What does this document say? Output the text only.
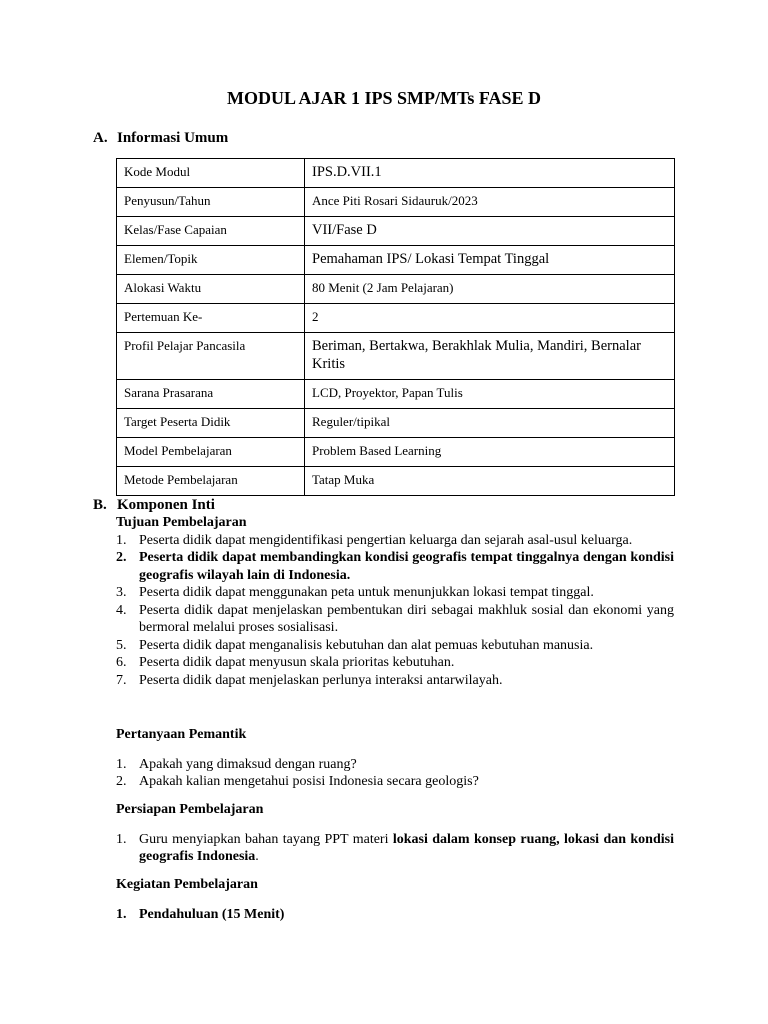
MODUL AJAR 1 IPS SMP/MTs FASE D
A. Informasi Umum
Kode Modul	IPS.D.VII.1
Penyusun/Tahun	Ance Piti Rosari Sidauruk/2023
Kelas/Fase Capaian	VII/Fase D
Elemen/Topik	Pemahaman IPS/ Lokasi Tempat Tinggal
Alokasi Waktu	80 Menit (2 Jam Pelajaran)
Pertemuan Ke-	2
Profil Pelajar Pancasila	Beriman, Bertakwa, Berakhlak Mulia, Mandiri, Bernalar Kritis
Sarana Prasarana	LCD, Proyektor, Papan Tulis
Target Peserta Didik	Reguler/tipikal
Model Pembelajaran	Problem Based Learning
Metode Pembelajaran	Tatap Muka
B. Komponen Inti
Tujuan Pembelajaran
1. Peserta didik dapat mengidentifikasi pengertian keluarga dan sejarah asal-usul keluarga.
2. Peserta didik dapat membandingkan kondisi geografis tempat tinggalnya dengan kondisi geografis wilayah lain di Indonesia.
3. Peserta didik dapat menggunakan peta untuk menunjukkan lokasi tempat tinggal.
4. Peserta didik dapat menjelaskan pembentukan diri sebagai makhluk sosial dan ekonomi yang bermoral melalui proses sosialisasi.
5. Peserta didik dapat menganalisis kebutuhan dan alat pemuas kebutuhan manusia.
6. Peserta didik dapat menyusun skala prioritas kebutuhan.
7. Peserta didik dapat menjelaskan perlunya interaksi antarwilayah.
Pertanyaan Pemantik
1. Apakah yang dimaksud dengan ruang?
2. Apakah kalian mengetahui posisi Indonesia secara geologis?
Persiapan Pembelajaran
1. Guru menyiapkan bahan tayang PPT materi lokasi dalam konsep ruang, lokasi dan kondisi geografis Indonesia.
Kegiatan Pembelajaran
1. Pendahuluan (15 Menit)
